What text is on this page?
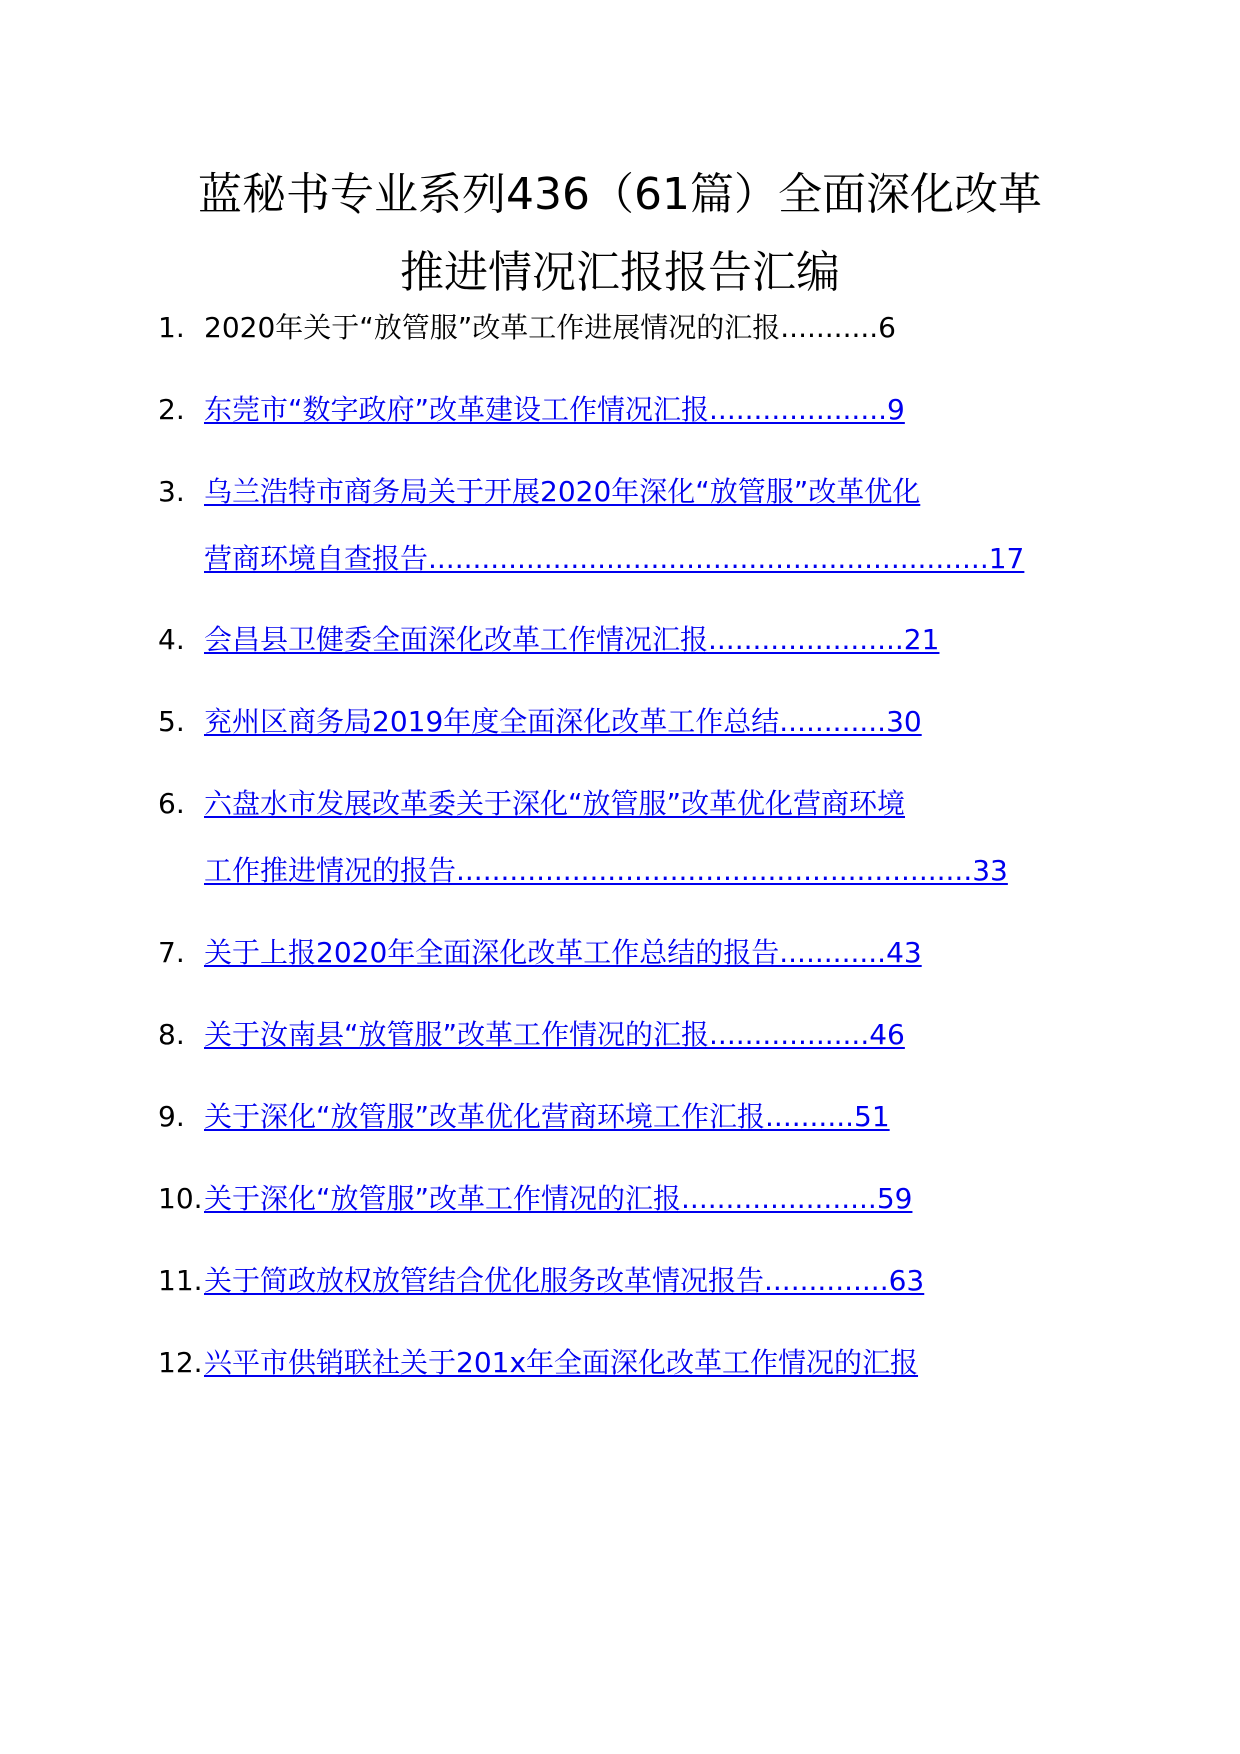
蓝秘书专业系列436（61篇）全面深化改革
推进情况汇报报告汇编
1. 2020年关于“放管服”改革工作进展情况的汇报...........6
2. 东莞市“数字政府”改革建设工作情况汇报....................9
3. 乌兰浩特市商务局关于开展2020年深化“放管服”改革优化
营商环境自查报告...............................................................17
4. 会昌县卫健委全面深化改革工作情况汇报......................21
5. 兖州区商务局2019年度全面深化改革工作总结............30
6. 六盘水市发展改革委关于深化“放管服”改革优化营商环境
工作推进情况的报告..........................................................33
7. 关于上报2020年全面深化改革工作总结的报告............43
8. 关于汝南县“放管服”改革工作情况的汇报..................46
9. 关于深化“放管服”改革优化营商环境工作汇报..........51
10. 关于深化“放管服”改革工作情况的汇报......................59
11. 关于简政放权放管结合优化服务改革情况报告..............63
12. 兴平市供销联社关于201x年全面深化改革工作情况的汇报
